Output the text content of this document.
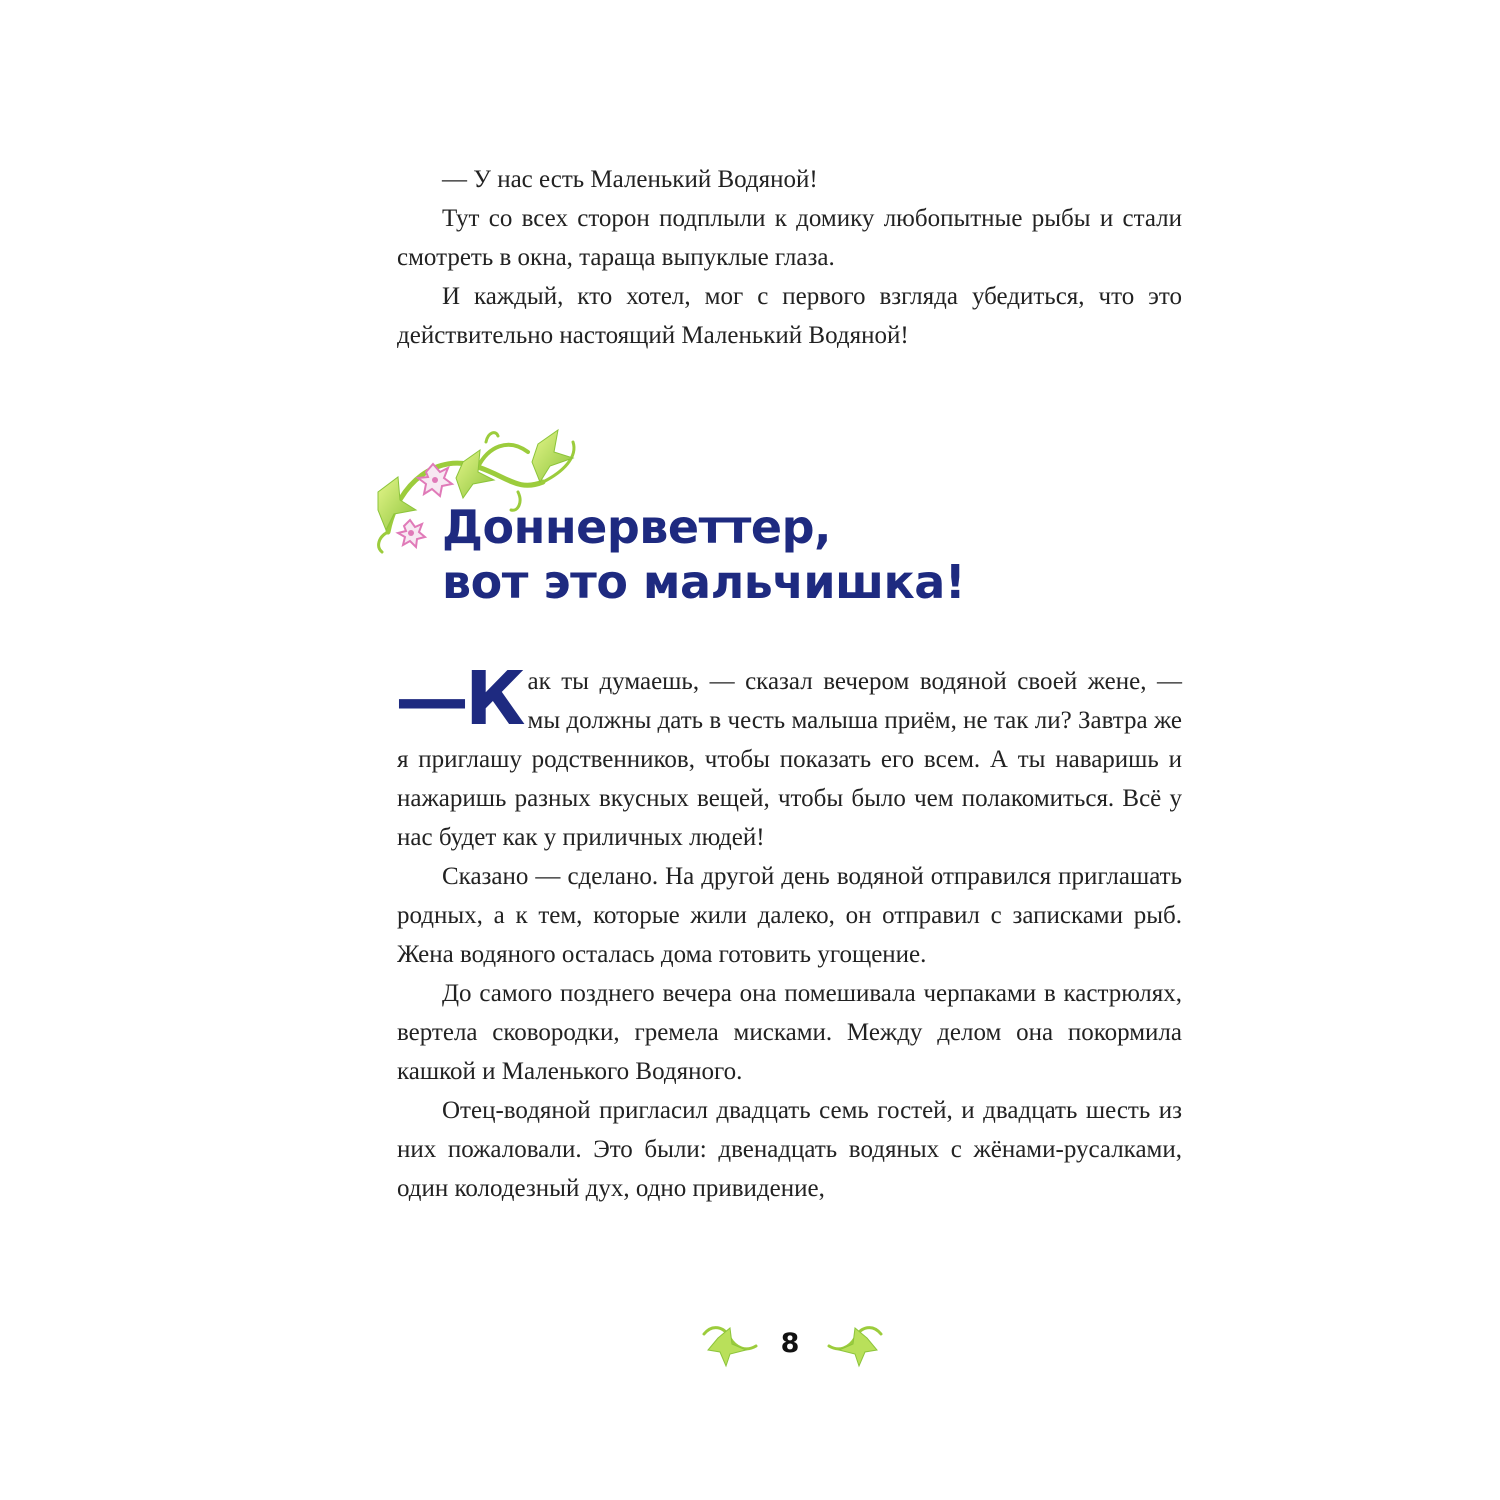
— У нас есть Маленький Водяной!

Тут со всех сторон подплыли к домику любопытные рыбы и стали смотреть в окна, тараща выпуклые глаза.

И каждый, кто хотел, мог с первого взгляда убедиться, что это действительно настоящий Маленький Водяной!

Доннерветтер,
вот это мальчишка!

—К ак ты думаешь, — сказал вечером водяной своей жене, — мы должны дать в честь малыша приём, не так ли? Завтра же я приглашу родственников, чтобы показать его всем. А ты наваришь и нажаришь разных вкусных вещей, чтобы было чем полакомиться. Всё у нас будет как у приличных людей!

Сказано — сделано. На другой день водяной отправился приглашать родных, а к тем, которые жили далеко, он отправил с записками рыб. Жена водяного осталась дома готовить угощение.

До самого позднего вечера она помешивала черпаками в кастрюлях, вертела сковородки, гремела мисками. Между делом она покормила кашкой и Маленького Водяного.

Отец-водяной пригласил двадцать семь гостей, и двадцать шесть из них пожаловали. Это были: двенадцать водяных с жёнами-русалками, один колодезный дух, одно привидение,

8
